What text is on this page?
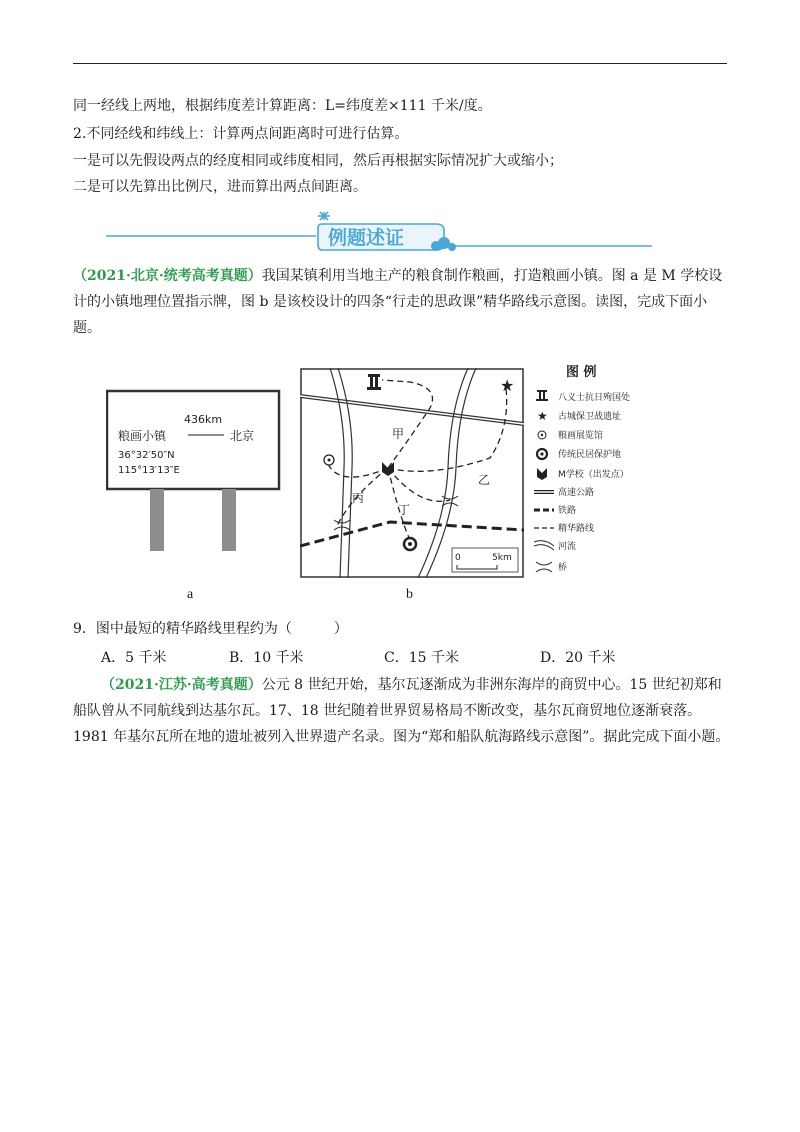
同一经线上两地，根据纬度差计算距离：L=纬度差×111 千米/度。
2.不同经线和纬线上：计算两点间距离时可进行估算。
一是可以先假设两点的经度相同或纬度相同，然后再根据实际情况扩大或缩小；
二是可以先算出比例尺，进而算出两点间距离。
例题述证
（2021·北京·统考高考真题）我国某镇利用当地主产的粮食制作粮画，打造粮画小镇。图 a 是 M 学校设计的小镇地理位置指示牌，图 b 是该校设计的四条“行走的思政课”精华路线示意图。读图，完成下面小题。
436km
粮画小镇	北京
36°32′50″N
115°13′13″E
a
0	5km
★
甲
乙
丙
丁
b
图 例
八义士抗日殉国处
★ 古城保卫战遗址
粮画展览馆
传统民居保护地
M学校（出发点）
高速公路
铁路
精华路线
河流
桥
9．图中最短的精华路线里程约为（　　　）
A．5 千米	B．10 千米	C．15 千米	D．20 千米
（2021·江苏·高考真题）公元 8 世纪开始，基尔瓦逐渐成为非洲东海岸的商贸中心。15 世纪初郑和船队曾从不同航线到达基尔瓦。17、18 世纪随着世界贸易格局不断改变，基尔瓦商贸地位逐渐衰落。1981 年基尔瓦所在地的遗址被列入世界遗产名录。图为“郑和船队航海路线示意图”。据此完成下面小题。
